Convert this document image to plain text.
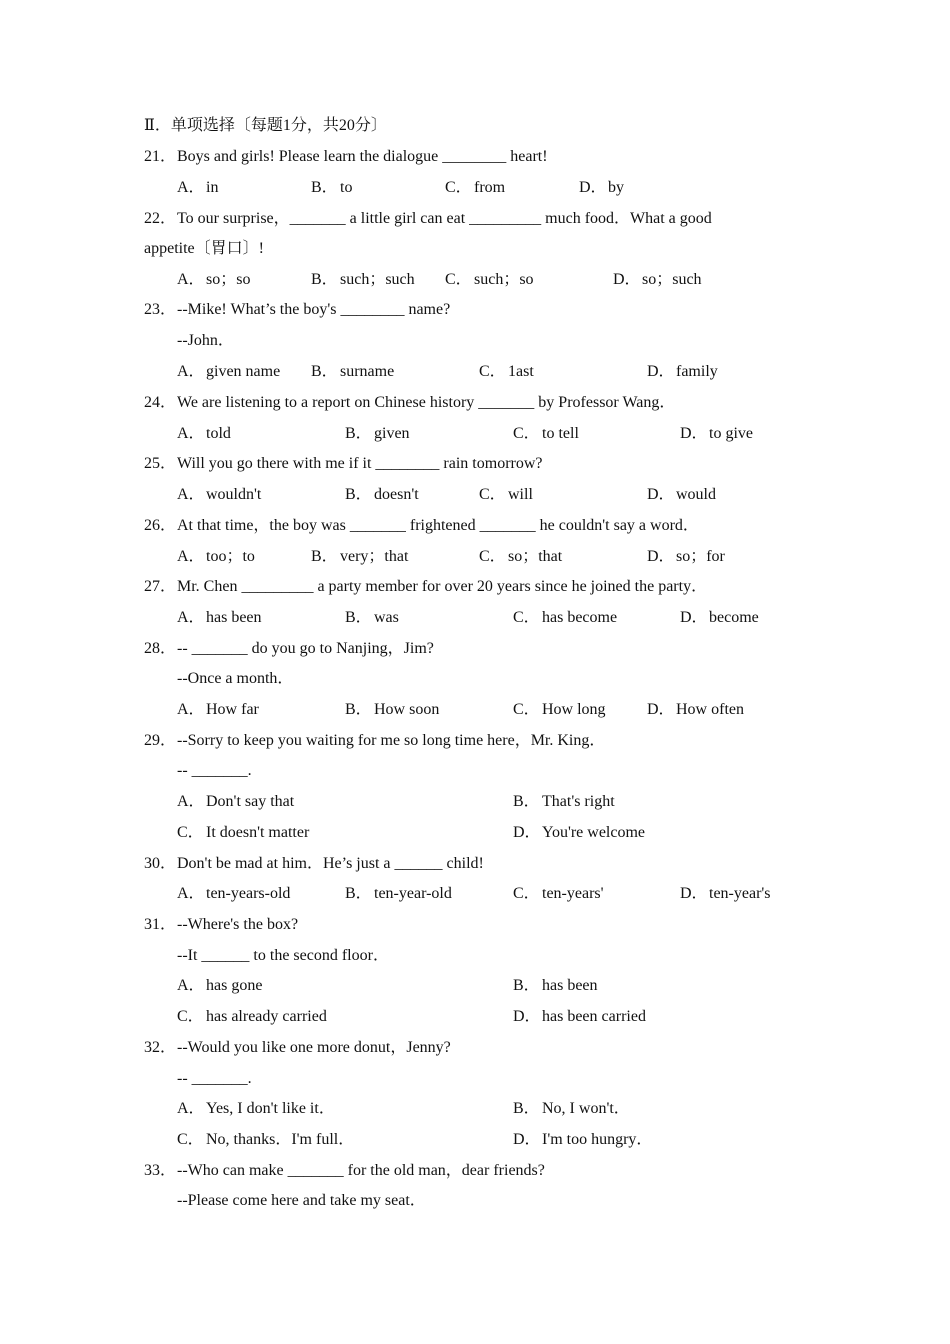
Ⅱ．单项选择〔每题1分，共20分〕
21． Boys and girls! Please learn the dialogue ________ heart!
A．in	B． to	C． from	D．by
22． To our surprise，_______ a little girl can eat _________ much food．What a good
appetite〔胃口〕!
A．so；so	B． such；such C． such；so	D．so；such
23． --Mike! What’s the boy's ________ name?
--John．
A．given name B． surname	C． 1ast	D．family
24． We are listening to a report on Chinese history _______ by Professor Wang．
A．told	B． given	C． to tell	D．to give
25． Will you go there with me if it ________ rain tomorrow?
A．wouldn't	B． doesn't	C． will	D．would
26． At that time，the boy was _______ frightened _______ he couldn't say a word．
A．too；to	B． very；that	C． so；that	D．so；for
27． Mr. Chen _________ a party member for over 20 years since he joined the party．
A．has been	B． was	C． has become	D．become
28． -- _______ do you go to Nanjing，Jim?
--Once a month．
A．How far	B． How soon	C． How long	D．How often
29． --Sorry to keep you waiting for me so long time here，Mr. King．
-- _______.
A．Don't say that	B． That's right
C． It doesn't matter	D．You're welcome
30． Don't be mad at him．He’s just a ______ child!
A．ten-years-old	B． ten-year-old	C． ten-years'	D．ten-year's
31． --Where's the box?
--It ______ to the second floor．
A．has gone	B． has been
C． has already carried	D．has been carried
32． --Would you like one more donut，Jenny?
-- _______.
A．Yes, I don't like it．	B． No, I won't．
C． No, thanks．I'm full．	D．I'm too hungry．
33． --Who can make _______ for the old man，dear friends?
--Please come here and take my seat．
